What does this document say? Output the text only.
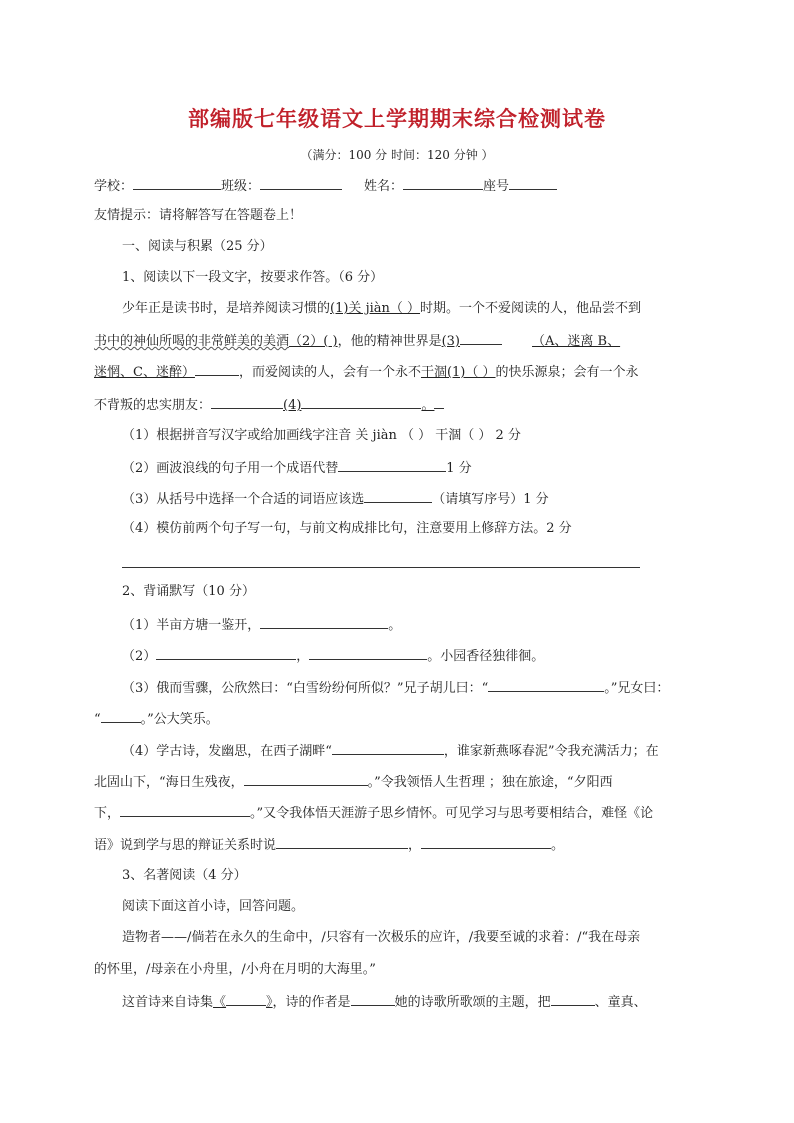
部编版七年级语文上学期期末综合检测试卷
（满分：100 分 时间：120 分钟 ）
学校：	班级：	姓名：	座号
友情提示：请将解答写在答题卷上！
一、阅读与积累（25 分）
1、阅读以下一段文字，按要求作答。（6 分）
少年正是读书时，是培养阅读习惯的(1)关 jiàn（ ）时期。一个不爱阅读的人，他品尝不到
书中的神仙所喝的非常鲜美的美酒（2）( )，他的精神世界是(3)	（A、迷离 B、
迷惘、C、迷醉）	，而爱阅读的人，会有一个永不干涸(1)（ ）的快乐源泉；会有一个永
不背叛的忠实朋友：	(4)	。
（1）根据拼音写汉字或给加画线字注音 关 jiàn （ ） 干涸（ ） 2 分
（2）画波浪线的句子用一个成语代替	1 分
（3）从括号中选择一个合适的词语应该选	（请填写序号）1 分
（4）模仿前两个句子写一句，与前文构成排比句，注意要用上修辞方法。2 分
2、背诵默写（10 分）
（1）半亩方塘一鉴开，	。
（2）	，	。小园香径独徘徊。
（3）俄而雪骤，公欣然曰：“白雪纷纷何所似？”兄子胡儿曰：“	。”兄女曰：
“	。”公大笑乐。
（4）学古诗，发幽思，在西子湖畔“	，谁家新燕啄春泥”令我充满活力；在
北固山下，“海日生残夜，	。”令我领悟人生哲理 ；独在旅途，“夕阳西
下，	。”又令我体悟天涯游子思乡情怀。可见学习与思考要相结合，难怪《论
语》说到学与思的辩证关系时说	，	。
3、名著阅读（4 分）
阅读下面这首小诗，回答问题。
造物者——/倘若在永久的生命中，/只容有一次极乐的应许，/我要至诚的求着：/“我在母亲
的怀里，/母亲在小舟里，/小舟在月明的大海里。”
这首诗来自诗集《	》，诗的作者是	她的诗歌所歌颂的主题，把	、童真、
